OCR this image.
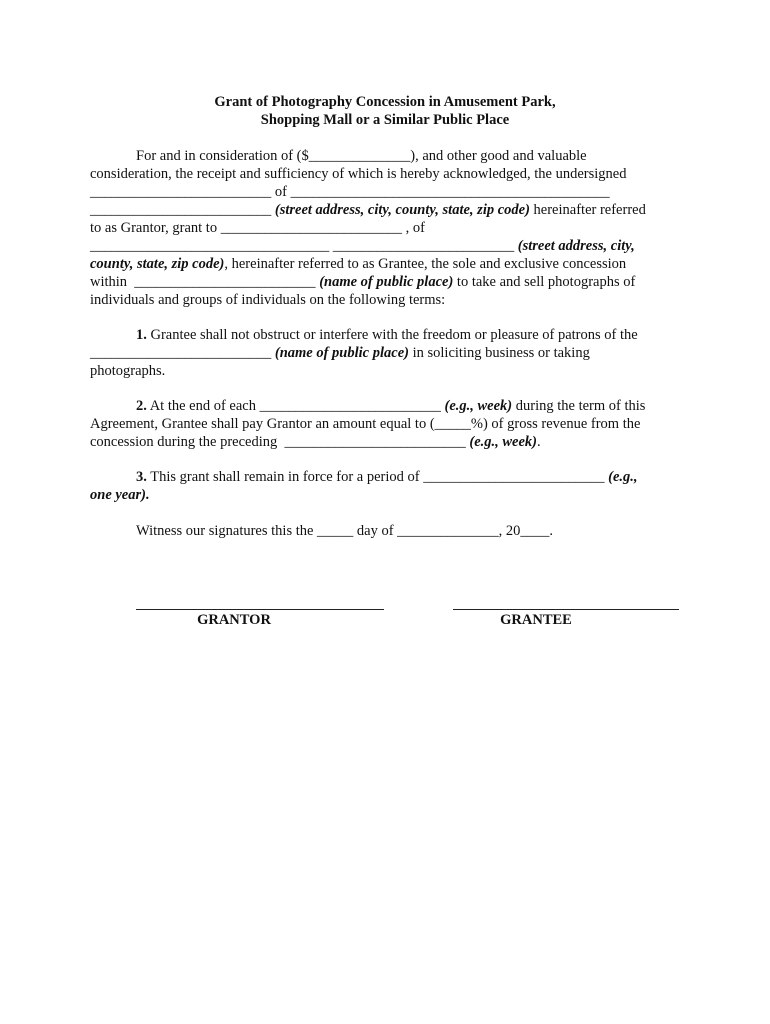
Grant of Photography Concession in Amusement Park,
Shopping Mall or a Similar Public Place
For and in consideration of ($______________), and other good and valuable
consideration, the receipt and sufficiency of which is hereby acknowledged, the undersigned
_________________________ of ____________________________________________
_________________________ (street address, city, county, state, zip code) hereinafter referred
to as Grantor, grant to _________________________ , of
_________________________________ _________________________ (street address, city,
county, state, zip code), hereinafter referred to as Grantee, the sole and exclusive concession
within  _________________________ (name of public place) to take and sell photographs of
individuals and groups of individuals on the following terms:
1. Grantee shall not obstruct or interfere with the freedom or pleasure of patrons of the
_________________________ (name of public place) in soliciting business or taking
photographs.
2. At the end of each _________________________ (e.g., week) during the term of this
Agreement, Grantee shall pay Grantor an amount equal to (_____%) of gross revenue from the
concession during the preceding  _________________________ (e.g., week).
3. This grant shall remain in force for a period of _________________________ (e.g.,
one year).
Witness our signatures this the _____ day of ______________, 20____.
GRANTOR	GRANTEE
